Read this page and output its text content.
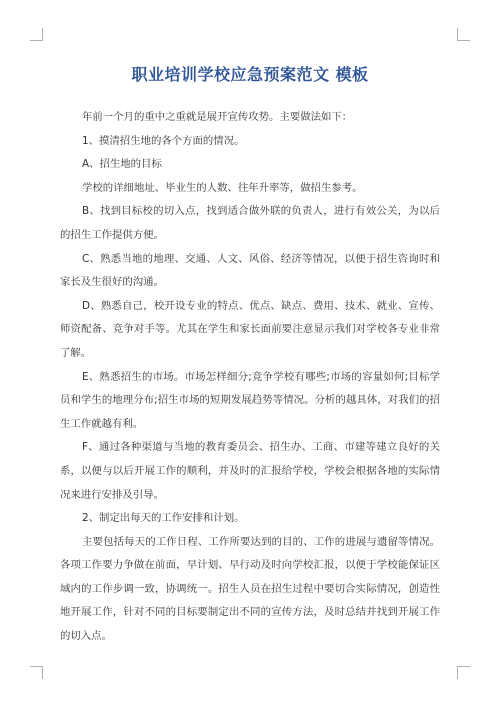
职业培训学校应急预案范文 模板

年前一个月的重中之重就是展开宣传攻势。主要做法如下：

1、摸清招生地的各个方面的情况。

A、招生地的目标

学校的详细地址、毕业生的人数、往年升率等，做招生参考。

B、找到目标校的切入点，找到适合做外联的负责人，进行有效公关，为以后的招生工作提供方便。

C、熟悉当地的地理、交通、人文、风俗、经济等情况，以便于招生咨询时和家长及生很好的沟通。

D、熟悉自己，校开设专业的特点、优点、缺点、费用、技术、就业、宣传、师资配备、竞争对手等。尤其在学生和家长面前要注意显示我们对学校各专业非常了解。

E、熟悉招生的市场。市场怎样细分;竞争学校有哪些;市场的容量如何;目标学员和学生的地理分布;招生市场的短期发展趋势等情况。分析的越具体，对我们的招生工作就越有利。

F、通过各种渠道与当地的教育委员会、招生办、工商、市建等建立良好的关系，以便与以后开展工作的顺利，并及时的汇报给学校，学校会根据各地的实际情况来进行安排及引导。

2、制定出每天的工作安排和计划。

主要包括每天的工作日程、工作所要达到的目的、工作的进展与遗留等情况。各项工作要力争做在前面，早计划、早行动及时向学校汇报，以便于学校能保证区域内的工作步调一致，协调统一。招生人员在招生过程中要切合实际情况，创造性地开展工作，针对不同的目标要制定出不同的宣传方法，及时总结并找到开展工作的切入点。
